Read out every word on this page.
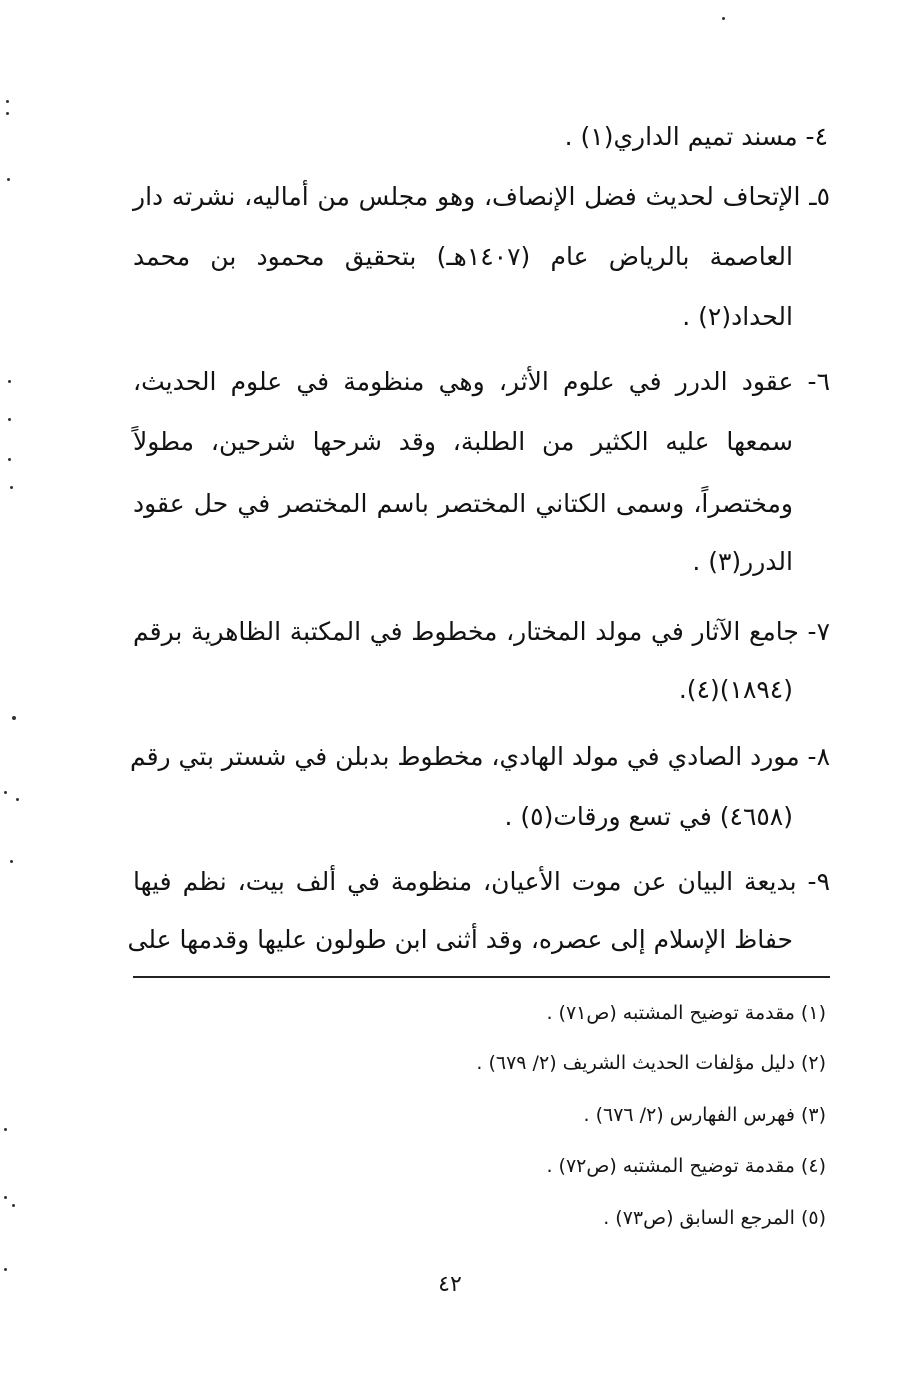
٤- مسند تميم الداري(١) .
٥ـ الإتحاف لحديث فضل الإنصاف، وهو مجلس من أماليه، نشرته دار
العاصمة بالرياض عام (١٤٠٧هـ) بتحقيق محمود بن محمد
الحداد(٢) .
٦- عقود الدرر في علوم الأثر، وهي منظومة في علوم الحديث،
سمعها عليه الكثير من الطلبة، وقد شرحها شرحين، مطولاً
ومختصراً، وسمى الكتاني المختصر باسم المختصر في حل عقود
الدرر(٣) .
٧- جامع الآثار في مولد المختار، مخطوط في المكتبة الظاهرية برقم
(١٨٩٤)(٤).
٨- مورد الصادي في مولد الهادي، مخطوط بدبلن في شستر بتي رقم
(٤٦٥٨) في تسع ورقات(٥) .
٩- بديعة البيان عن موت الأعيان، منظومة في ألف بيت، نظم فيها
حفاظ الإسلام إلى عصره، وقد أثنى ابن طولون عليها وقدمها على
(١) مقدمة توضيح المشتبه (ص٧١) .
(٢) دليل مؤلفات الحديث الشريف (٢/ ٦٧٩) .
(٣) فهرس الفهارس (٢/ ٦٧٦) .
(٤) مقدمة توضيح المشتبه (ص٧٢) .
(٥) المرجع السابق (ص٧٣) .
٤٢
